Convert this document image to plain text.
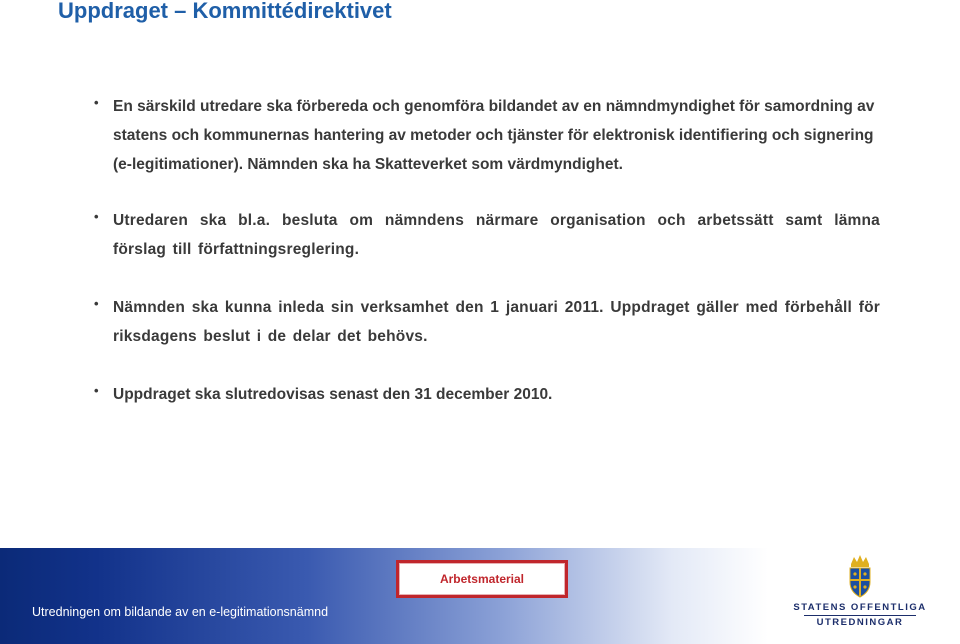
Uppdraget – Kommittédirektivet
• En särskild utredare ska förbereda och genomföra bildandet av en nämndmyndighet för samordning av statens och kommunernas hantering av metoder och tjänster för elektronisk identifiering och signering (e-legitimationer). Nämnden ska ha Skatteverket som värdmyndighet.
• Utredaren ska bl.a. besluta om nämndens närmare organisation och arbetssätt samt lämna förslag till författningsreglering.
• Nämnden ska kunna inleda sin verksamhet den 1 januari 2011. Uppdraget gäller med förbehåll för riksdagens beslut i de delar det behövs.
• Uppdraget ska slutredovisas senast den 31 december 2010.
Arbetsmaterial
Utredningen om bildande av en e-legitimationsnämnd	STATENS OFFENTLIGA
UTREDNINGAR
